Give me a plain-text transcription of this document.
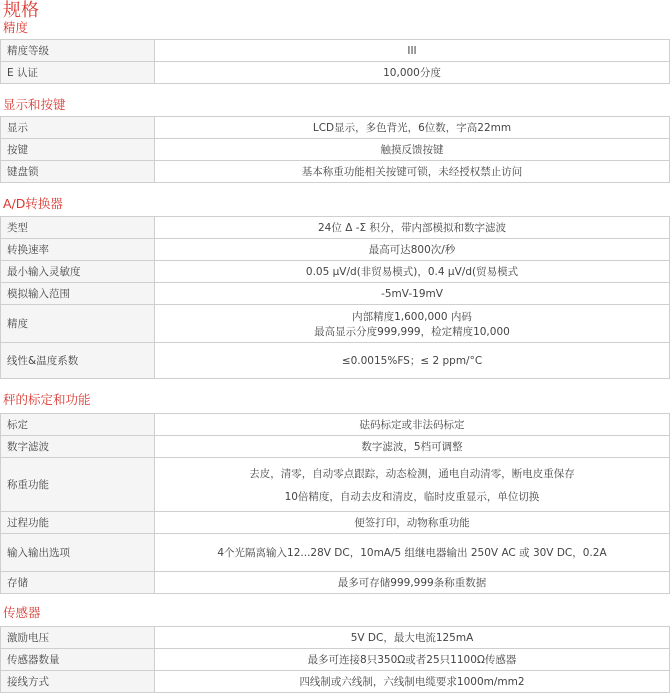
规格
精度
精度等级	III
E 认证	10,000分度
显示和按键
显示	LCD显示，多色背光，6位数，字高22mm
按键	触摸反馈按键
键盘锁	基本称重功能相关按键可锁，未经授权禁止访问
A/D转换器
类型	24位 Δ -Σ 积分，带内部模拟和数字滤波
转换速率	最高可达800次/秒
最小输入灵敏度	0.05 μV/d(非贸易模式)，0.4 μV/d(贸易模式
模拟输入范围	-5mV-19mV
精度	内部精度1,600,000 内码
最高显示分度999,999，检定精度10,000

线性&温度系数	≤0.0015%FS；≤ 2 ppm/°C
秤的标定和功能
标定	砝码标定或非法码标定
数字滤波	数字滤波，5档可调整
称重功能	去皮，清零，自动零点跟踪，动态检测，通电自动清零，断电皮重保存
10倍精度，自动去皮和清皮，临时皮重显示，单位切换

过程功能	便签打印，动物称重功能
输入输出选项	4个光隔离输入12...28V DC，10mA/5 组继电器输出 250V AC 或 30V DC，0.2A
存储	最多可存储999,999条称重数据
传感器
激励电压	5V DC，最大电流125mA
传感器数量	最多可连接8只350Ω或者25只1100Ω传感器
接线方式	四线制或六线制，六线制电缆要求1000m/mm2
